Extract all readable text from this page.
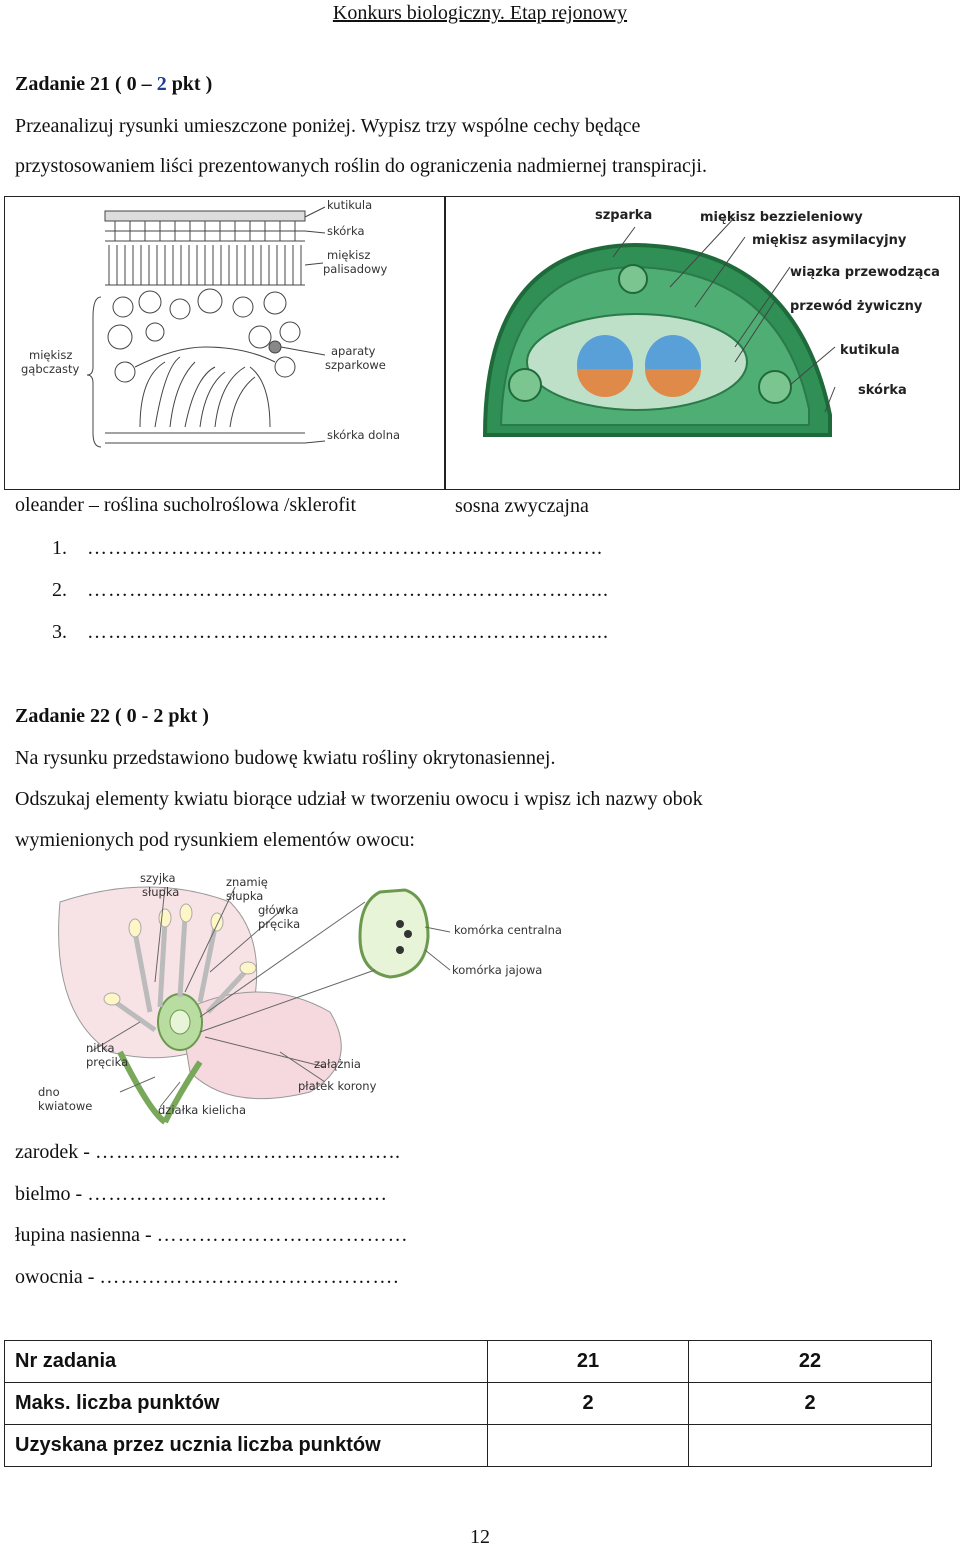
Konkurs biologiczny. Etap rejonowy
Zadanie 21 ( 0 – 2 pkt )
Przeanalizuj rysunki umieszczone poniżej. Wypisz trzy wspólne cechy będące
przystosowaniem liści prezentowanych roślin do ograniczenia nadmiernej transpiracji.
kutikula
skórka
miękisz
palisadowy
miękisz
gąbczasty
aparaty
szparkowe
skórka dolna
szparka	miękisz bezzieleniowy
miękisz asymilacyjny
wiązka przewodząca
przewód żywiczny
kutikula
skórka
sosna zwyczajna
oleander – roślina sucholroślowa /sklerofit
1. ………………………………………………………………..
2. ………………………………………………………………...
3. ………………………………………………………………...
Zadanie 22 ( 0 - 2 pkt )
Na rysunku przedstawiono budowę kwiatu rośliny okrytonasiennej.
Odszukaj elementy kwiatu biorące udział w tworzeniu owocu i wpisz ich nazwy obok
wymienionych pod rysunkiem elementów owocu:
szyjka
słupka
znamię
słupka
główka
pręcika	komórka centralna
komórka jajowa
nitka
pręcika
dno
kwiatowe
załążnia
płatek korony
działka kielicha
zarodek - ……………………………………..
bielmo - …………………………………….
łupina nasienna - ………………………………
owocnia - …………………………………….
Nr zadania	21	22
Maks. liczba punktów	2	2
Uzyskana przez ucznia liczba punktów		
12
